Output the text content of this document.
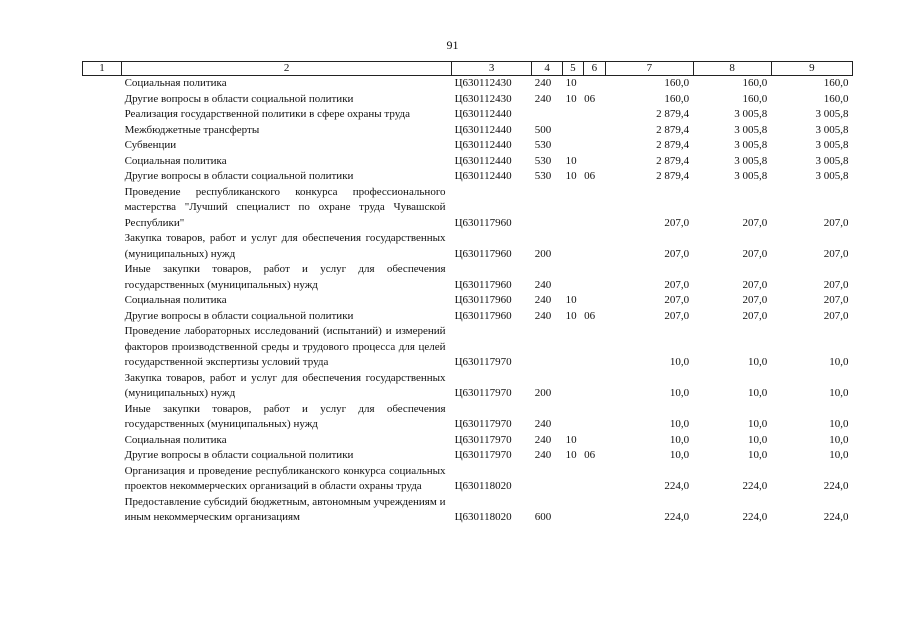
91
1	2	3	4	5	6	7	8	9
	Социальная политика	Ц630112430	240	10		160,0	160,0	160,0
	Другие вопросы в области социальной политики	Ц630112430	240	10	06	160,0	160,0	160,0
	Реализация государственной политики в сфере охраны труда	Ц630112440				2 879,4	3 005,8	3 005,8
	Межбюджетные трансферты	Ц630112440	500			2 879,4	3 005,8	3 005,8
	Субвенции	Ц630112440	530			2 879,4	3 005,8	3 005,8
	Социальная политика	Ц630112440	530	10		2 879,4	3 005,8	3 005,8
	Другие вопросы в области социальной политики	Ц630112440	530	10	06	2 879,4	3 005,8	3 005,8
	Проведение республиканского конкурса профессионального мастерства "Лучший специалист по охране труда Чувашской Республики"	Ц630117960				207,0	207,0	207,0
	Закупка товаров, работ и услуг для обеспечения государственных (муниципальных) нужд	Ц630117960	200			207,0	207,0	207,0
	Иные закупки товаров, работ и услуг для обеспечения государственных (муниципальных) нужд	Ц630117960	240			207,0	207,0	207,0
	Социальная политика	Ц630117960	240	10		207,0	207,0	207,0
	Другие вопросы в области социальной политики	Ц630117960	240	10	06	207,0	207,0	207,0
	Проведение лабораторных исследований (испытаний) и измерений факторов производственной среды и трудового процесса для целей государственной экспертизы условий труда	Ц630117970				10,0	10,0	10,0
	Закупка товаров, работ и услуг для обеспечения государственных (муниципальных) нужд	Ц630117970	200			10,0	10,0	10,0
	Иные закупки товаров, работ и услуг для обеспечения государственных (муниципальных) нужд	Ц630117970	240			10,0	10,0	10,0
	Социальная политика	Ц630117970	240	10		10,0	10,0	10,0
	Другие вопросы в области социальной политики	Ц630117970	240	10	06	10,0	10,0	10,0
	Организация и проведение республиканского конкурса социальных проектов некоммерческих организаций в области охраны труда	Ц630118020				224,0	224,0	224,0
	Предоставление субсидий бюджетным, автономным учреждениям и иным некоммерческим организациям	Ц630118020	600			224,0	224,0	224,0
